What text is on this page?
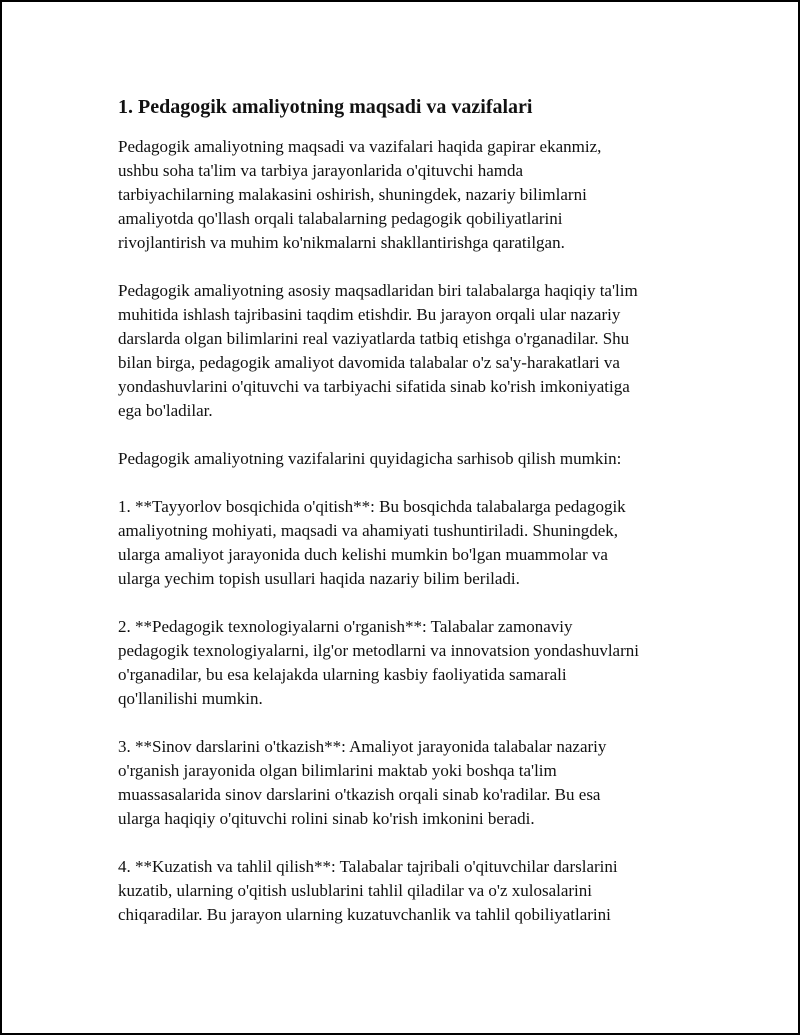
1. Pedagogik amaliyotning maqsadi va vazifalari

Pedagogik amaliyotning maqsadi va vazifalari haqida gapirar ekanmiz,
ushbu soha ta'lim va tarbiya jarayonlarida o'qituvchi hamda
tarbiyachilarning malakasini oshirish, shuningdek, nazariy bilimlarni
amaliyotda qo'llash orqali talabalarning pedagogik qobiliyatlarini
rivojlantirish va muhim ko'nikmalarni shakllantirishga qaratilgan.

Pedagogik amaliyotning asosiy maqsadlaridan biri talabalarga haqiqiy ta'lim
muhitida ishlash tajribasini taqdim etishdir. Bu jarayon orqali ular nazariy
darslarda olgan bilimlarini real vaziyatlarda tatbiq etishga o'rganadilar. Shu
bilan birga, pedagogik amaliyot davomida talabalar o'z sa'y-harakatlari va
yondashuvlarini o'qituvchi va tarbiyachi sifatida sinab ko'rish imkoniyatiga
ega bo'ladilar.

Pedagogik amaliyotning vazifalarini quyidagicha sarhisob qilish mumkin:

1. **Tayyorlov bosqichida o'qitish**: Bu bosqichda talabalarga pedagogik
amaliyotning mohiyati, maqsadi va ahamiyati tushuntiriladi. Shuningdek,
ularga amaliyot jarayonida duch kelishi mumkin bo'lgan muammolar va
ularga yechim topish usullari haqida nazariy bilim beriladi.

2. **Pedagogik texnologiyalarni o'rganish**: Talabalar zamonaviy
pedagogik texnologiyalarni, ilg'or metodlarni va innovatsion yondashuvlarni
o'rganadilar, bu esa kelajakda ularning kasbiy faoliyatida samarali
qo'llanilishi mumkin.

3. **Sinov darslarini o'tkazish**: Amaliyot jarayonida talabalar nazariy
o'rganish jarayonida olgan bilimlarini maktab yoki boshqa ta'lim
muassasalarida sinov darslarini o'tkazish orqali sinab ko'radilar. Bu esa
ularga haqiqiy o'qituvchi rolini sinab ko'rish imkonini beradi.

4. **Kuzatish va tahlil qilish**: Talabalar tajribali o'qituvchilar darslarini
kuzatib, ularning o'qitish uslublarini tahlil qiladilar va o'z xulosalarini
chiqaradilar. Bu jarayon ularning kuzatuvchanlik va tahlil qobiliyatlarini
